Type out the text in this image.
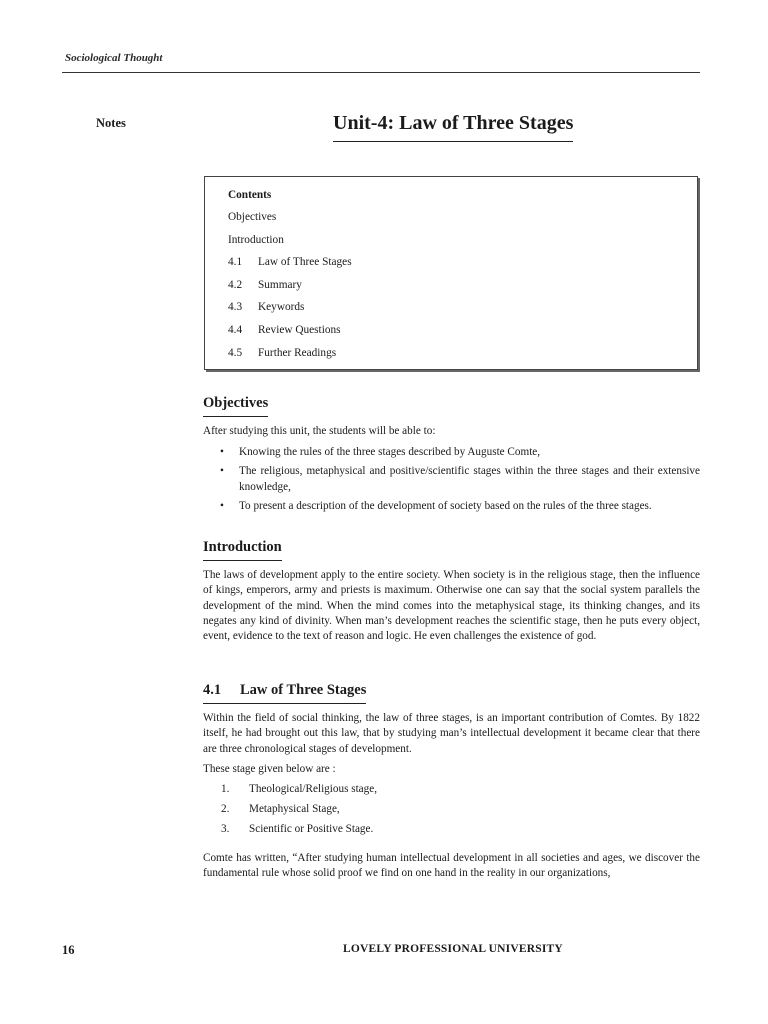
Sociological Thought
Notes	Unit-4: Law of Three Stages
Contents
Objectives
Introduction
4.1 Law of Three Stages
4.2 Summary
4.3 Keywords
4.4 Review Questions
4.5 Further Readings
Objectives
After studying this unit, the students will be able to:
• Knowing the rules of the three stages described by Auguste Comte,
• The religious, metaphysical and positive/scientific stages within the three stages and their extensive knowledge,
• To present a description of the development of society based on the rules of the three stages.
Introduction

The laws of development apply to the entire society. When society is in the religious stage, then the influence of kings, emperors, army and priests is maximum. Otherwise one can say that the social system parallels the development of the mind. When the mind comes into the metaphysical stage, its thinking changes, and its negates any kind of divinity. When man’s development reaches the scientific stage, then he puts every object, event, evidence to the text of reason and logic. He even challenges the existence of god.

4.1 Law of Three Stages

Within the field of social thinking, the law of three stages, is an important contribution of Comtes. By 1822 itself, he had brought out this law, that by studying man’s intellectual development it became clear that there are three chronological stages of development.

These stage given below are :
1. Theological/Religious stage,
2. Metaphysical Stage,
3. Scientific or Positive Stage.

Comte has written, “After studying human intellectual development in all societies and ages, we discover the fundamental rule whose solid proof we find on one hand in the reality in our organizations,

16	LOVELY PROFESSIONAL UNIVERSITY
